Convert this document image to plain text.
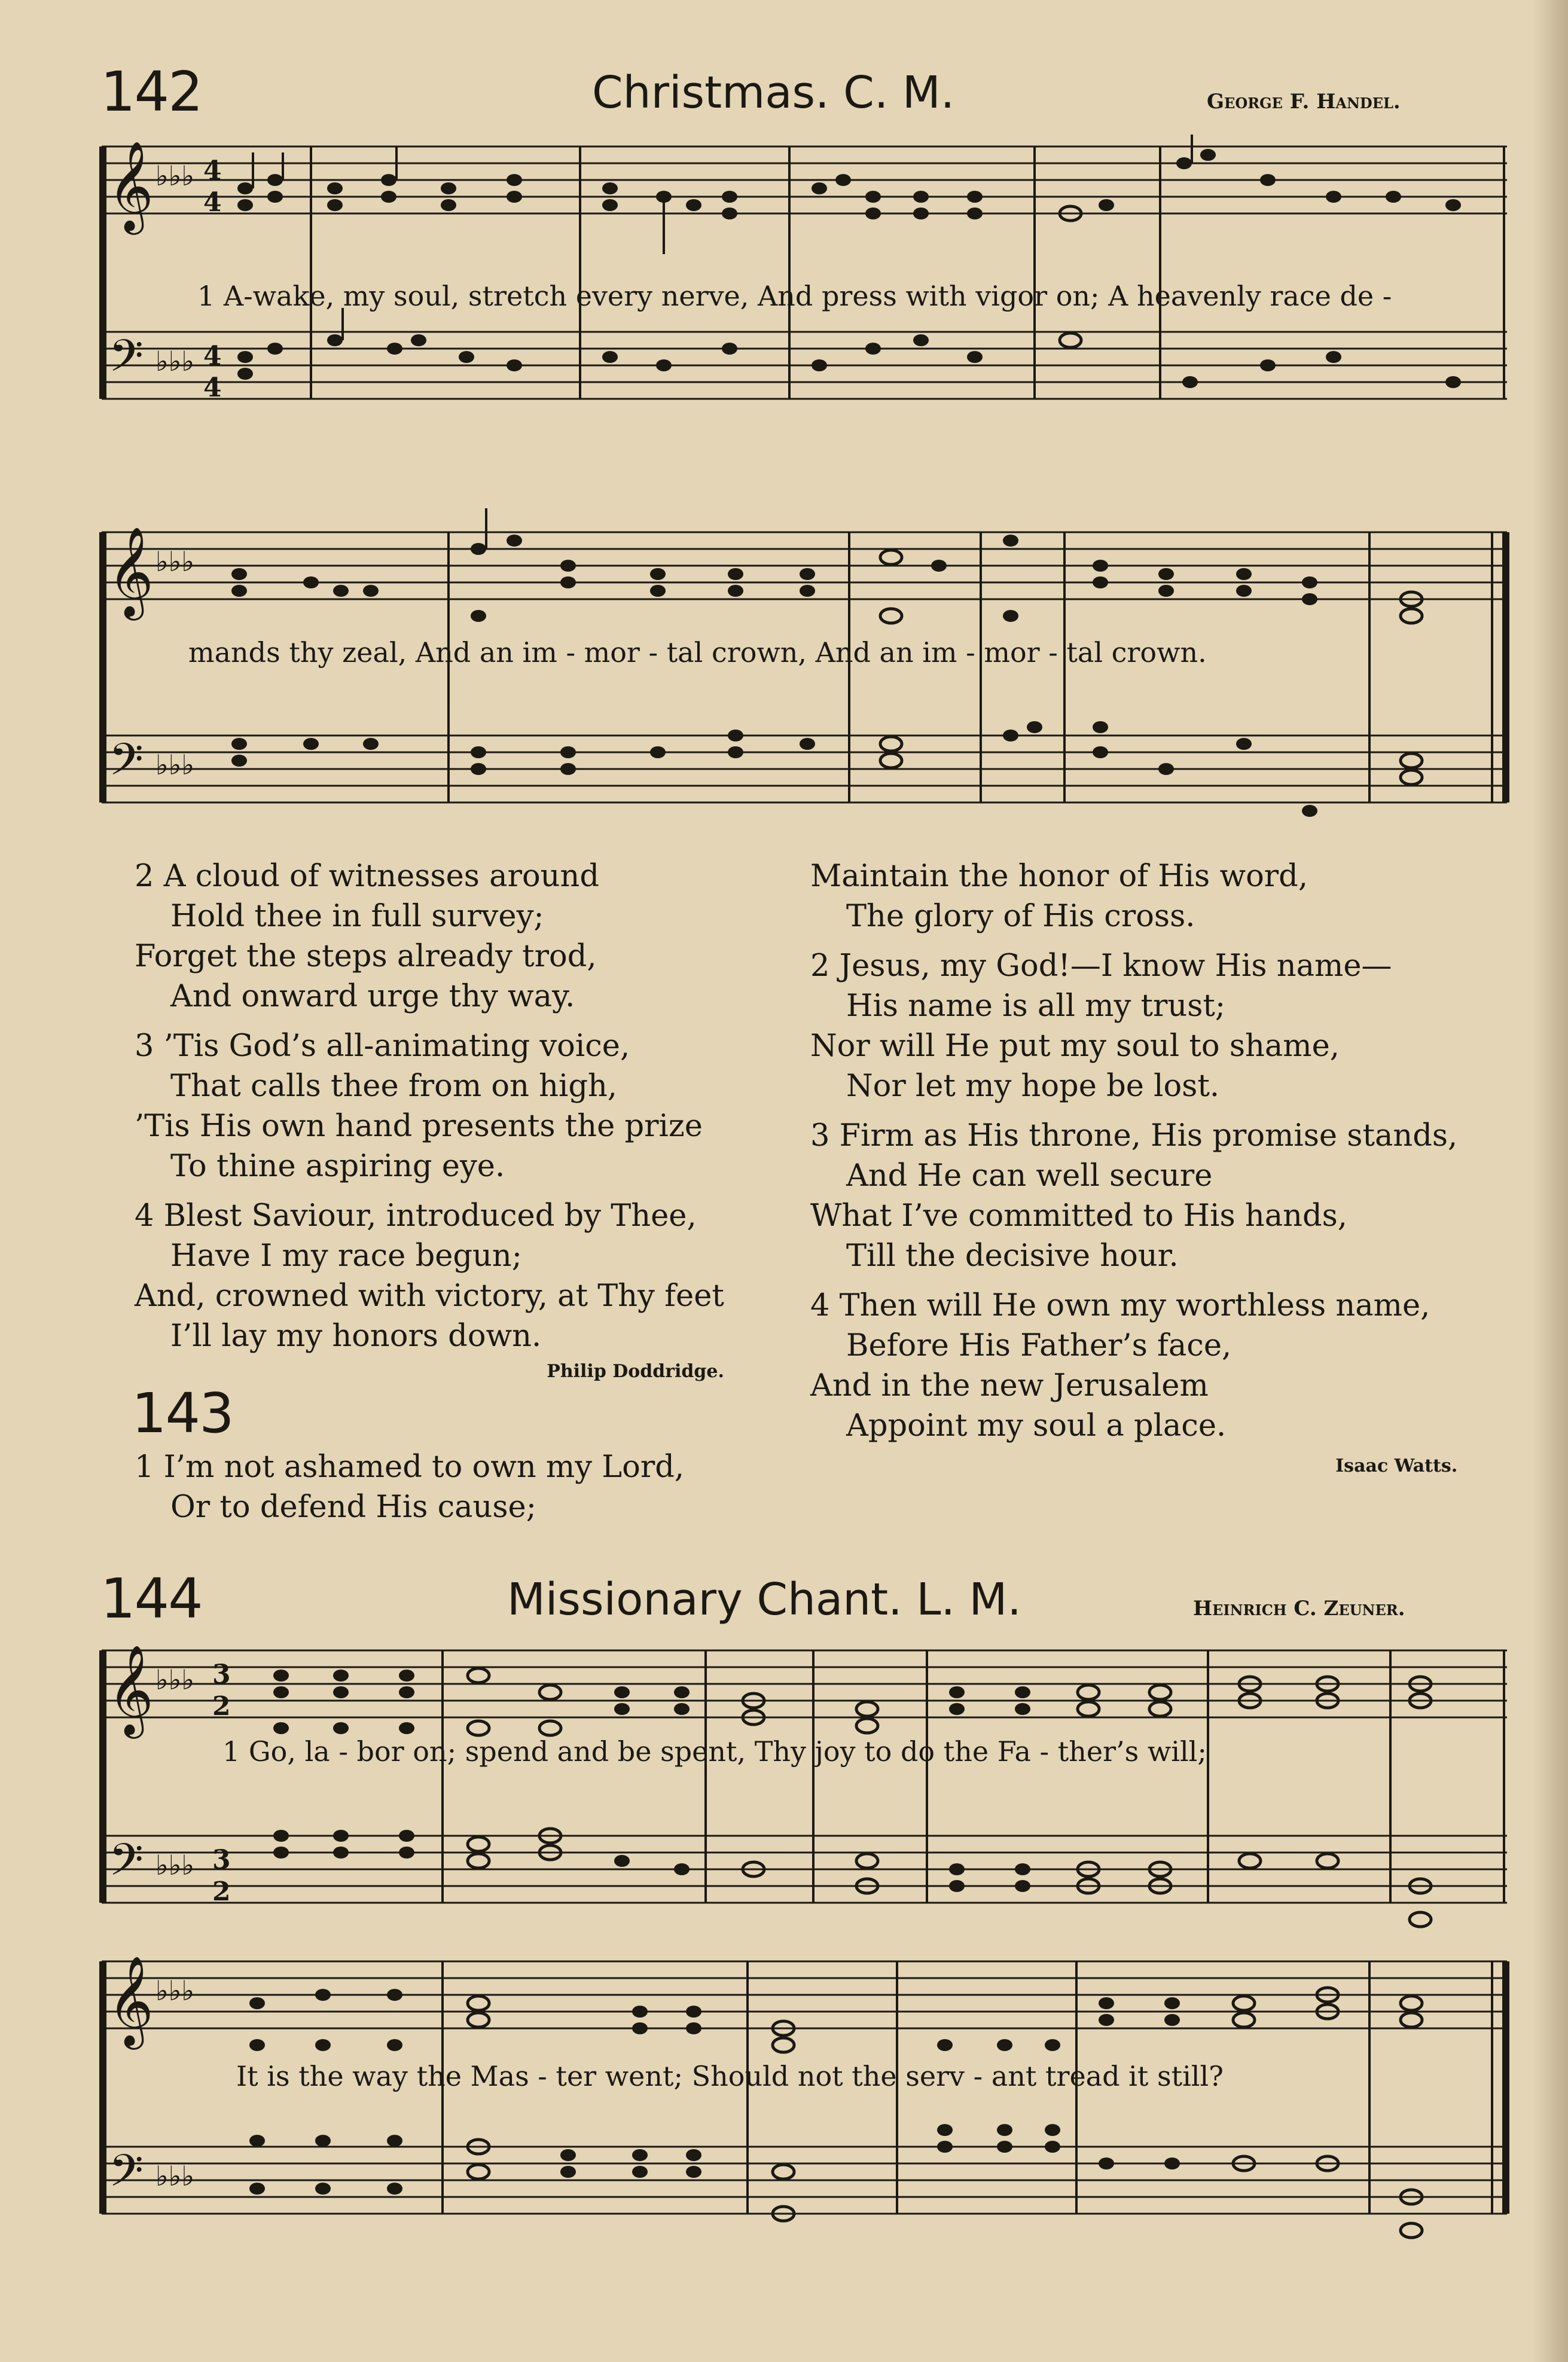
142	Christmas. C. M.	George F. Handel.
𝄞 ♭♭♭ 4
4
𝄢 ♭♭♭ 4
4
1 A-wake, my soul, stretch every nerve, And press with vigor on; A heavenly race de -
𝄞 ♭♭♭
𝄢 ♭♭♭
mands thy zeal, And an im - mor - tal crown, And an im - mor - tal crown.

2 A cloud of witnesses around

Hold thee in full survey;

Forget the steps already trod,

And onward urge thy way.

3 ’Tis God’s all-animating voice,

That calls thee from on high,

’Tis His own hand presents the prize

To thine aspiring eye.

4 Blest Saviour, introduced by Thee,

Have I my race begun;

And, crowned with victory, at Thy feet

I’ll lay my honors down.

Philip Doddridge.
143

1 I’m not ashamed to own my Lord,

Or to defend His cause;

Maintain the honor of His word,

The glory of His cross.

2 Jesus, my God!—I know His name—

His name is all my trust;

Nor will He put my soul to shame,

Nor let my hope be lost.

3 Firm as His throne, His promise stands,

And He can well secure

What I’ve committed to His hands,

Till the decisive hour.

4 Then will He own my worthless name,

Before His Father’s face,

And in the new Jerusalem

Appoint my soul a place.

Isaac Watts.
144	Missionary Chant. L. M.	Heinrich C. Zeuner.
𝄞 ♭♭♭ 3
2
𝄢 ♭♭♭ 3
2
1 Go, la - bor on; spend and be spent, Thy joy to do the Fa - ther’s will;
𝄞 ♭♭♭
𝄢 ♭♭♭
It is the way the Mas - ter went; Should not the serv - ant tread it still?
